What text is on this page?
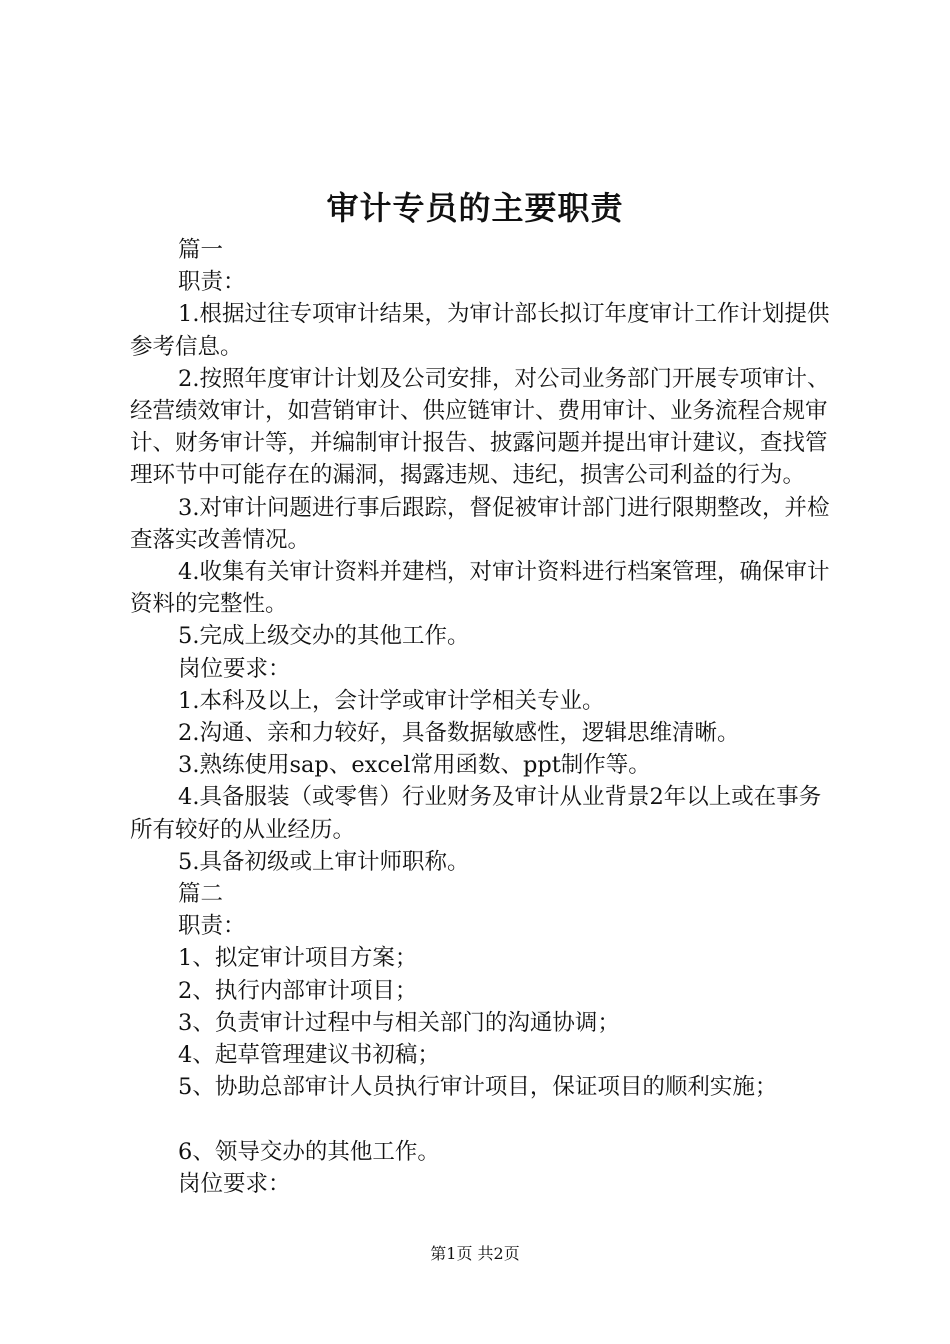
审计专员的主要职责

篇一

职责：

1.根据过往专项审计结果，为审计部长拟订年度审计工作计划提供参考信息。

2.按照年度审计计划及公司安排，对公司业务部门开展专项审计、经营绩效审计，如营销审计、供应链审计、费用审计、业务流程合规审计、财务审计等，并编制审计报告、披露问题并提出审计建议，查找管理环节中可能存在的漏洞，揭露违规、违纪，损害公司利益的行为。

3.对审计问题进行事后跟踪，督促被审计部门进行限期整改，并检查落实改善情况。

4.收集有关审计资料并建档，对审计资料进行档案管理，确保审计资料的完整性。

5.完成上级交办的其他工作。

岗位要求：

1.本科及以上，会计学或审计学相关专业。

2.沟通、亲和力较好，具备数据敏感性，逻辑思维清晰。

3.熟练使用sap、excel常用函数、ppt制作等。

4.具备服装（或零售）行业财务及审计从业背景2年以上或在事务所有较好的从业经历。

5.具备初级或上审计师职称。

篇二

职责：

1、拟定审计项目方案；

2、执行内部审计项目；

3、负责审计过程中与相关部门的沟通协调；

4、起草管理建议书初稿；

5、协助总部审计人员执行审计项目，保证项目的顺利实施；

6、领导交办的其他工作。

岗位要求：

第1页 共2页
